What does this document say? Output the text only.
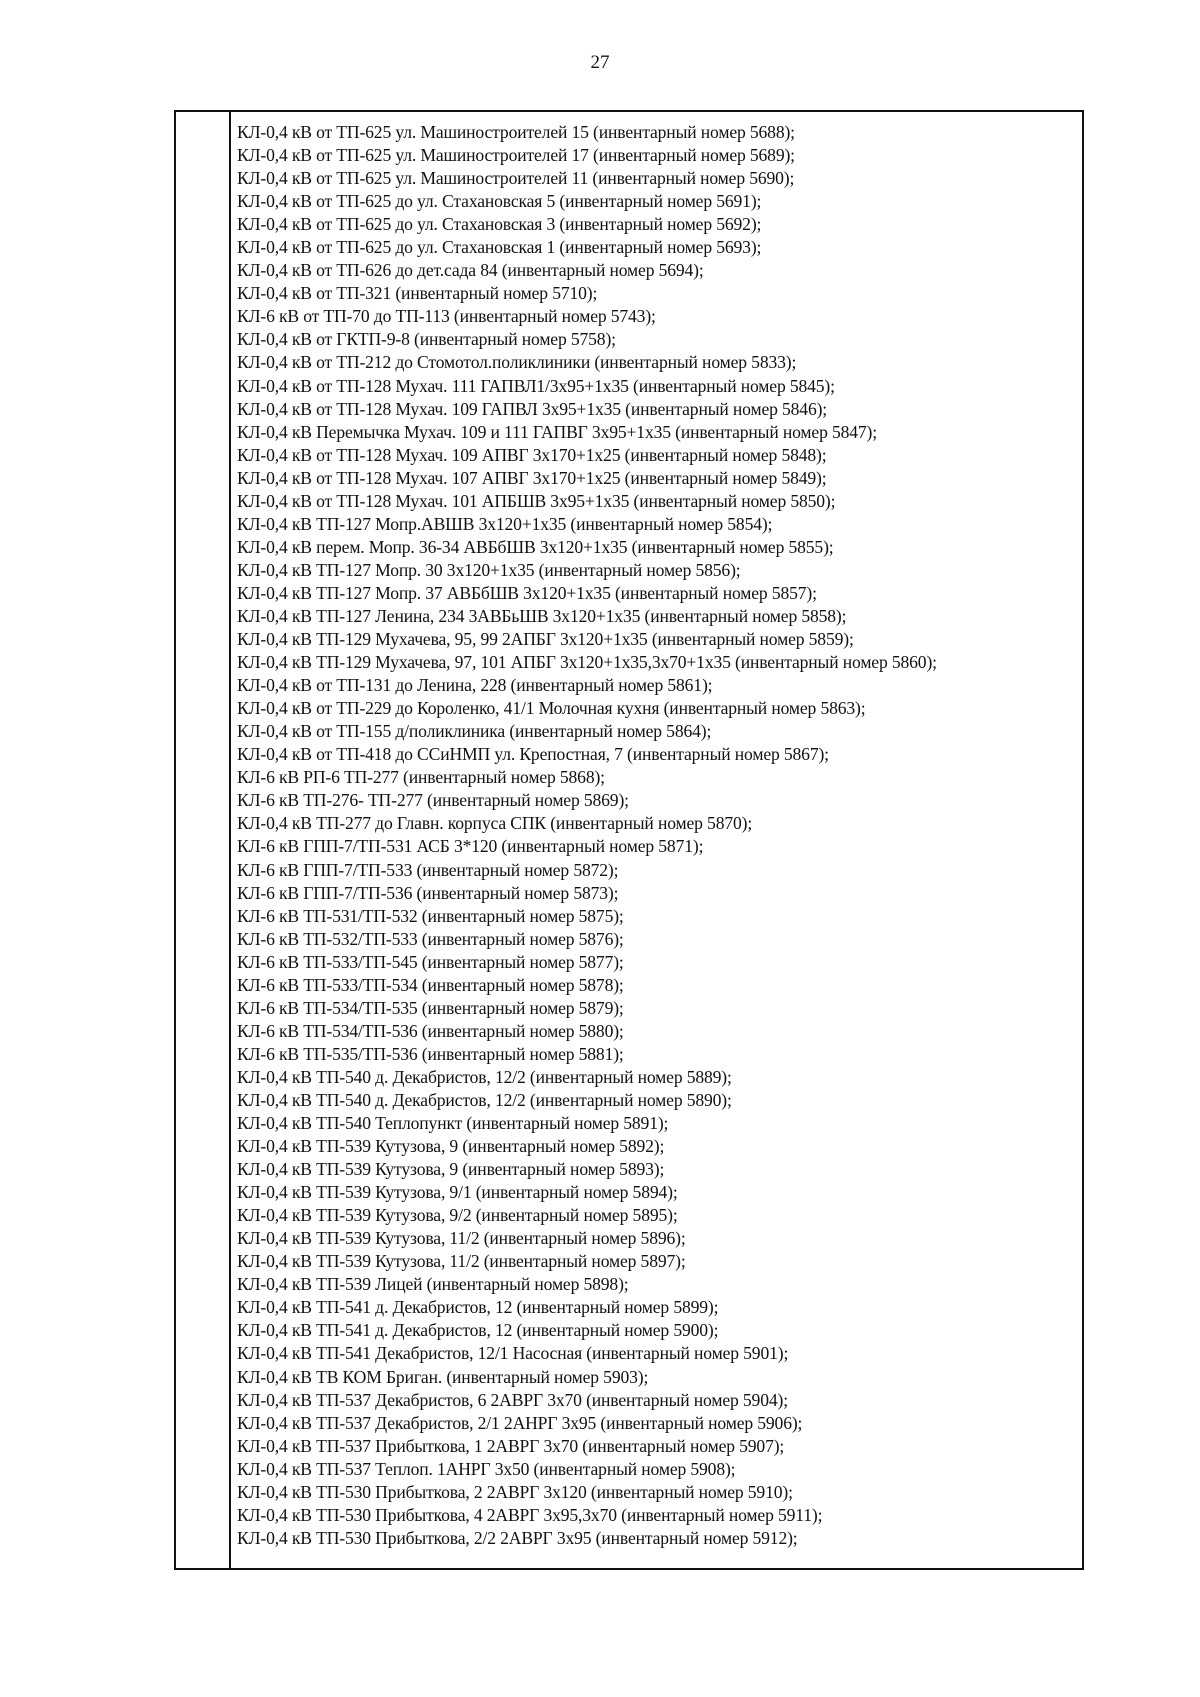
27
КЛ-0,4 кВ от ТП-625 ул. Машиностроителей 15 (инвентарный номер 5688);
КЛ-0,4 кВ от ТП-625 ул. Машиностроителей 17 (инвентарный номер 5689);
КЛ-0,4 кВ от ТП-625 ул. Машиностроителей 11 (инвентарный номер 5690);
КЛ-0,4 кВ от ТП-625 до ул. Стахановская 5 (инвентарный номер 5691);
КЛ-0,4 кВ от ТП-625 до ул. Стахановская 3 (инвентарный номер 5692);
КЛ-0,4 кВ от ТП-625 до ул. Стахановская 1 (инвентарный номер 5693);
КЛ-0,4 кВ от ТП-626 до дет.сада 84 (инвентарный номер 5694);
КЛ-0,4 кВ от ТП-321 (инвентарный номер 5710);
КЛ-6 кВ от ТП-70 до ТП-113 (инвентарный номер 5743);
КЛ-0,4 кВ от ГКТП-9-8 (инвентарный номер 5758);
КЛ-0,4 кВ от ТП-212 до Стомотол.поликлиники (инвентарный номер 5833);
КЛ-0,4 кВ от ТП-128 Мухач. 111 ГАПВЛ1/3х95+1х35 (инвентарный номер 5845);
КЛ-0,4 кВ от ТП-128 Мухач. 109 ГАПВЛ 3х95+1х35 (инвентарный номер 5846);
КЛ-0,4 кВ Перемычка Мухач. 109 и 111 ГАПВГ 3х95+1х35 (инвентарный номер 5847);
КЛ-0,4 кВ от ТП-128 Мухач. 109 АПВГ 3х170+1х25 (инвентарный номер 5848);
КЛ-0,4 кВ от ТП-128 Мухач. 107 АПВГ 3х170+1х25 (инвентарный номер 5849);
КЛ-0,4 кВ от ТП-128 Мухач. 101 АПБШВ 3х95+1х35 (инвентарный номер 5850);
КЛ-0,4 кВ ТП-127 Мопр.АВШВ 3х120+1х35 (инвентарный номер 5854);
КЛ-0,4 кВ перем. Мопр. 36-34 АВБбШВ 3х120+1х35 (инвентарный номер 5855);
КЛ-0,4 кВ ТП-127 Мопр. 30 3х120+1х35 (инвентарный номер 5856);
КЛ-0,4 кВ ТП-127 Мопр. 37 АВБбШВ 3х120+1х35 (инвентарный номер 5857);
КЛ-0,4 кВ ТП-127 Ленина, 234 3АВБьШВ 3х120+1х35 (инвентарный номер 5858);
КЛ-0,4 кВ ТП-129 Мухачева, 95, 99 2АПБГ 3х120+1х35 (инвентарный номер 5859);
КЛ-0,4 кВ ТП-129 Мухачева, 97, 101 АПБГ 3х120+1х35,3х70+1х35 (инвентарный номер 5860);
КЛ-0,4 кВ от ТП-131 до Ленина, 228 (инвентарный номер 5861);
КЛ-0,4 кВ от ТП-229 до Короленко, 41/1 Молочная кухня (инвентарный номер 5863);
КЛ-0,4 кВ от ТП-155 д/поликлиника (инвентарный номер 5864);
КЛ-0,4 кВ от ТП-418 до ССиНМП ул. Крепостная, 7 (инвентарный номер 5867);
КЛ-6 кВ РП-6 ТП-277 (инвентарный номер 5868);
КЛ-6 кВ ТП-276- ТП-277 (инвентарный номер 5869);
КЛ-0,4 кВ ТП-277 до Главн. корпуса СПК (инвентарный номер 5870);
КЛ-6 кВ ГПП-7/ТП-531 АСБ 3*120 (инвентарный номер 5871);
КЛ-6 кВ ГПП-7/ТП-533 (инвентарный номер 5872);
КЛ-6 кВ ГПП-7/ТП-536 (инвентарный номер 5873);
КЛ-6 кВ ТП-531/ТП-532 (инвентарный номер 5875);
КЛ-6 кВ ТП-532/ТП-533 (инвентарный номер 5876);
КЛ-6 кВ ТП-533/ТП-545 (инвентарный номер 5877);
КЛ-6 кВ ТП-533/ТП-534 (инвентарный номер 5878);
КЛ-6 кВ ТП-534/ТП-535 (инвентарный номер 5879);
КЛ-6 кВ ТП-534/ТП-536 (инвентарный номер 5880);
КЛ-6 кВ ТП-535/ТП-536 (инвентарный номер 5881);
КЛ-0,4 кВ ТП-540 д. Декабристов, 12/2 (инвентарный номер 5889);
КЛ-0,4 кВ ТП-540 д. Декабристов, 12/2 (инвентарный номер 5890);
КЛ-0,4 кВ ТП-540 Теплопункт (инвентарный номер 5891);
КЛ-0,4 кВ ТП-539 Кутузова, 9 (инвентарный номер 5892);
КЛ-0,4 кВ ТП-539 Кутузова, 9 (инвентарный номер 5893);
КЛ-0,4 кВ ТП-539 Кутузова, 9/1 (инвентарный номер 5894);
КЛ-0,4 кВ ТП-539 Кутузова, 9/2 (инвентарный номер 5895);
КЛ-0,4 кВ ТП-539 Кутузова, 11/2 (инвентарный номер 5896);
КЛ-0,4 кВ ТП-539 Кутузова, 11/2 (инвентарный номер 5897);
КЛ-0,4 кВ ТП-539 Лицей (инвентарный номер 5898);
КЛ-0,4 кВ ТП-541 д. Декабристов, 12 (инвентарный номер 5899);
КЛ-0,4 кВ ТП-541 д. Декабристов, 12 (инвентарный номер 5900);
КЛ-0,4 кВ ТП-541 Декабристов, 12/1 Насосная (инвентарный номер 5901);
КЛ-0,4 кВ ТВ КОМ Бриган. (инвентарный номер 5903);
КЛ-0,4 кВ ТП-537 Декабристов, 6 2АВРГ 3х70 (инвентарный номер 5904);
КЛ-0,4 кВ ТП-537 Декабристов, 2/1 2АНРГ 3х95 (инвентарный номер 5906);
КЛ-0,4 кВ ТП-537 Прибыткова, 1 2АВРГ 3х70 (инвентарный номер 5907);
КЛ-0,4 кВ ТП-537 Теплоп. 1АНРГ 3х50 (инвентарный номер 5908);
КЛ-0,4 кВ ТП-530 Прибыткова, 2 2АВРГ 3х120 (инвентарный номер 5910);
КЛ-0,4 кВ ТП-530 Прибыткова, 4 2АВРГ 3х95,3х70 (инвентарный номер 5911);
КЛ-0,4 кВ ТП-530 Прибыткова, 2/2 2АВРГ 3х95 (инвентарный номер 5912);
